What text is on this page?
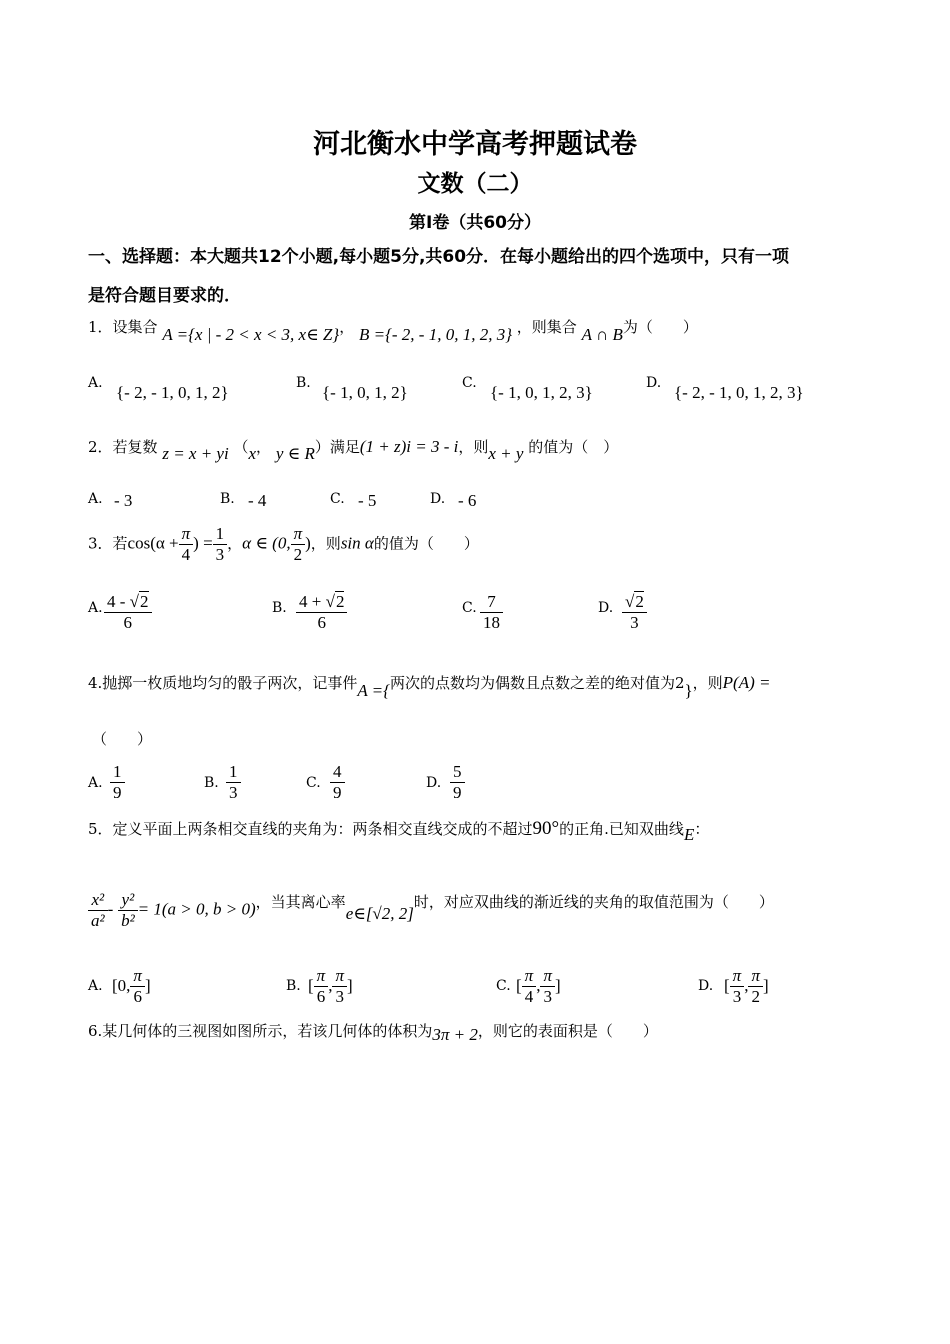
河北衡水中学高考押题试卷
文数（二）
第Ⅰ卷（共60分）
一、选择题：本大题共12个小题,每小题5分,共60分．在每小题给出的四个选项中，只有一项
是符合题目要求的．
1．设集合 A ={x | - 2 < x < 3, x∈ Z}， B ={- 2, - 1, 0, 1, 2, 3} ，则集合 A ∩ B为（　　）
A. {- 2, - 1, 0, 1, 2}	B. {- 1, 0, 1, 2}	C. {- 1, 0, 1, 2, 3}	D. {- 2, - 1, 0, 1, 2, 3}
2．若复数 z = x + yi （x， y ∈ R）满足(1 + z)i = 3 - i，则x + y 的值为（　）
A. - 3	B. - 4	C. - 5	D. - 6
3．若$\cos(\alpha + \frac{\pi}{4}$ ) = $\frac{1}{3}$ ，α ∈ (0, $\frac{\pi}{2}$ )，则sin α的值为（　　）
A. $\frac{4 - √2}{6}$	B. $\frac{4 + √2}{6}$	C. $\frac{7}{18}$	D. $\frac{√2}{3}$
4.抛掷一枚质地均匀的骰子两次，记事件A ={两次的点数均为偶数且点数之差的绝对值为2}，则P(A) =
（　　）
A. $\frac{1}{9}$	B. $\frac{1}{3}$	C. $\frac{4}{9}$	D. $\frac{5}{9}$
5．定义平面上两条相交直线的夹角为：两条相交直线交成的不超过90°的正角.已知双曲线E：
$\frac{\text{x²}}{\text{a²}} - \frac{\text{y²}}{\text{b²}} = 1(a > 0$, b > 0)，当其离心率e∈[√2, 2]时，对应双曲线的渐近线的夹角的取值范围为（　　）
A. [0, $\frac{\pi}{6}$ ]	B. [ $\frac{\pi}{6}$ , $\frac{\pi}{3}$ ]	C. [ $\frac{\pi}{4}$ , $\frac{\pi}{3}$ ]	D. [ $\frac{\pi}{3}$ , $\frac{\pi}{2}$ ]
6.某几何体的三视图如图所示，若该几何体的体积为3π + 2，则它的表面积是（　　）
